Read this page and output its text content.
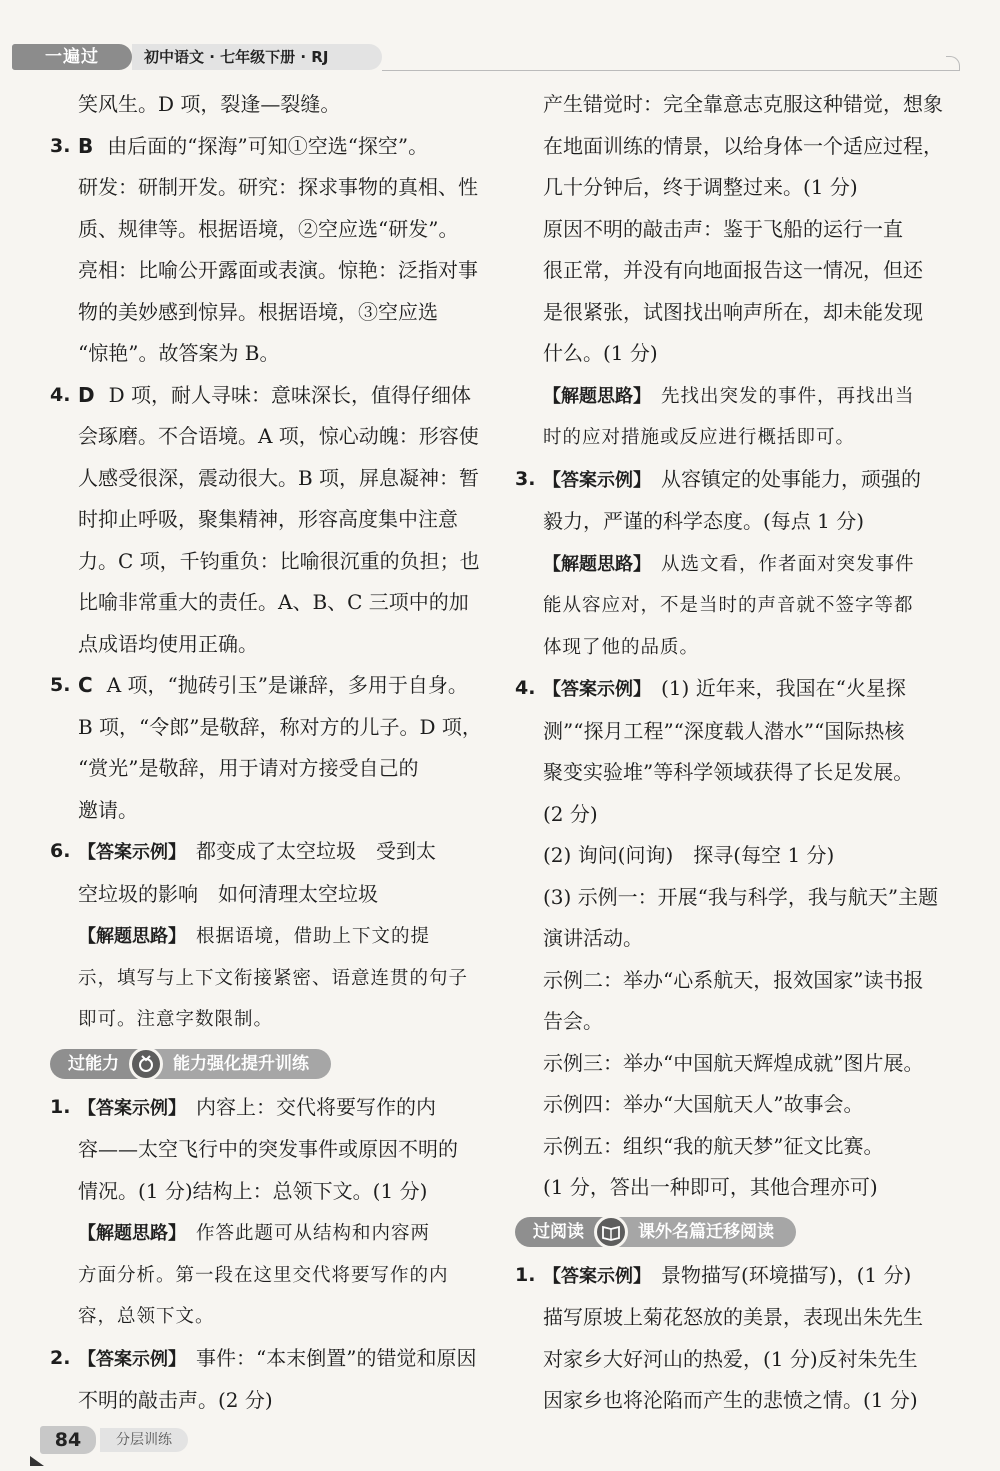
一遍过	初中语文 · 七年级下册 · RJ
笑风生。D 项，裂逢—裂缝。
3. B 由后面的“探海”可知①空选“探空”。
研发：研制开发。研究：探求事物的真相、性
质、规律等。根据语境，②空应选“研发”。
亮相：比喻公开露面或表演。惊艳：泛指对事
物的美妙感到惊异。根据语境，③空应选
“惊艳”。故答案为 B。
4. D D 项，耐人寻味：意味深长，值得仔细体
会琢磨。不合语境。A 项，惊心动魄：形容使
人感受很深，震动很大。B 项，屏息凝神：暂
时抑止呼吸，聚集精神，形容高度集中注意
力。C 项，千钧重负：比喻很沉重的负担；也
比喻非常重大的责任。A、B、C 三项中的加
点成语均使用正确。
5. C A 项，“抛砖引玉”是谦辞，多用于自身。
B 项，“令郎”是敬辞，称对方的儿子。D 项，
“赏光”是敬辞，用于请对方接受自己的
邀请。
6. 【答案示例】 都变成了太空垃圾　受到太
空垃圾的影响　如何清理太空垃圾
【解题思路】 根据语境，借助上下文的提
示，填写与上下文衔接紧密、语意连贯的句子
即可。注意字数限制。
过能力	能力强化提升训练
1. 【答案示例】 内容上：交代将要写作的内
容——太空飞行中的突发事件或原因不明的
情况。(1 分)结构上：总领下文。(1 分)
【解题思路】 作答此题可从结构和内容两
方面分析。第一段在这里交代将要写作的内
容，总领下文。
2. 【答案示例】 事件：“本末倒置”的错觉和原因
不明的敲击声。(2 分)
产生错觉时：完全靠意志克服这种错觉，想象
在地面训练的情景，以给身体一个适应过程，
几十分钟后，终于调整过来。(1 分)
原因不明的敲击声：鉴于飞船的运行一直
很正常，并没有向地面报告这一情况，但还
是很紧张，试图找出响声所在，却未能发现
什么。(1 分)
【解题思路】 先找出突发的事件，再找出当
时的应对措施或反应进行概括即可。
3. 【答案示例】 从容镇定的处事能力，顽强的
毅力，严谨的科学态度。(每点 1 分)
【解题思路】 从选文看，作者面对突发事件
能从容应对，不是当时的声音就不签字等都
体现了他的品质。
4. 【答案示例】 (1) 近年来，我国在“火星探
测”“探月工程”“深度载人潜水”“国际热核
聚变实验堆”等科学领域获得了长足发展。
(2 分)
(2) 询问(问询)　探寻(每空 1 分)
(3) 示例一：开展“我与科学，我与航天”主题
演讲活动。
示例二：举办“心系航天，报效国家”读书报
告会。
示例三：举办“中国航天辉煌成就”图片展。
示例四：举办“大国航天人”故事会。
示例五：组织“我的航天梦”征文比赛。
(1 分，答出一种即可，其他合理亦可)
过阅读	课外名篇迁移阅读
1. 【答案示例】 景物描写(环境描写)，(1 分)
描写原坡上菊花怒放的美景，表现出朱先生
对家乡大好河山的热爱，(1 分)反衬朱先生
因家乡也将沦陷而产生的悲愤之情。(1 分)
84	分层训练
